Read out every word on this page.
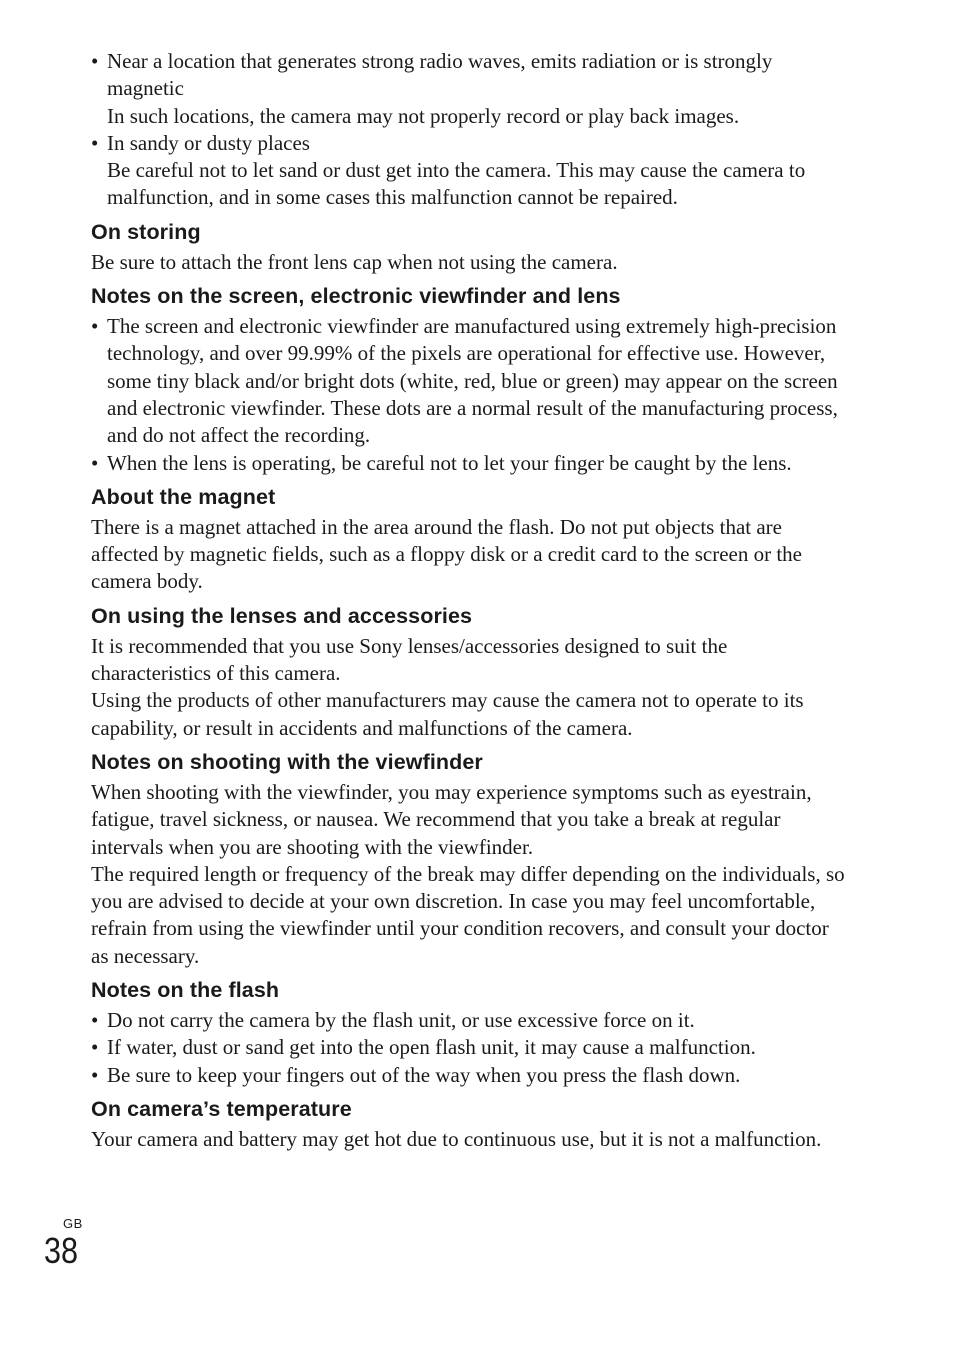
• Near a location that generates strong radio waves, emits radiation or is strongly magnetic
In such locations, the camera may not properly record or play back images.
• In sandy or dusty places
Be careful not to let sand or dust get into the camera. This may cause the camera to malfunction, and in some cases this malfunction cannot be repaired.
On storing

Be sure to attach the front lens cap when not using the camera.

Notes on the screen, electronic viewfinder and lens
• The screen and electronic viewfinder are manufactured using extremely high-precision technology, and over 99.99% of the pixels are operational for effective use. However, some tiny black and/or bright dots (white, red, blue or green) may appear on the screen and electronic viewfinder. These dots are a normal result of the manufacturing process, and do not affect the recording.
• When the lens is operating, be careful not to let your finger be caught by the lens.
About the magnet

There is a magnet attached in the area around the flash. Do not put objects that are affected by magnetic fields, such as a floppy disk or a credit card to the screen or the camera body.

On using the lenses and accessories

It is recommended that you use Sony lenses/accessories designed to suit the characteristics of this camera.

Using the products of other manufacturers may cause the camera not to operate to its capability, or result in accidents and malfunctions of the camera.

Notes on shooting with the viewfinder

When shooting with the viewfinder, you may experience symptoms such as eyestrain, fatigue, travel sickness, or nausea. We recommend that you take a break at regular intervals when you are shooting with the viewfinder.

The required length or frequency of the break may differ depending on the individuals, so you are advised to decide at your own discretion. In case you may feel uncomfortable, refrain from using the viewfinder until your condition recovers, and consult your doctor as necessary.

Notes on the flash
• Do not carry the camera by the flash unit, or use excessive force on it.
• If water, dust or sand get into the open flash unit, it may cause a malfunction.
• Be sure to keep your fingers out of the way when you press the flash down.
On camera’s temperature

Your camera and battery may get hot due to continuous use, but it is not a malfunction.

GB
38
